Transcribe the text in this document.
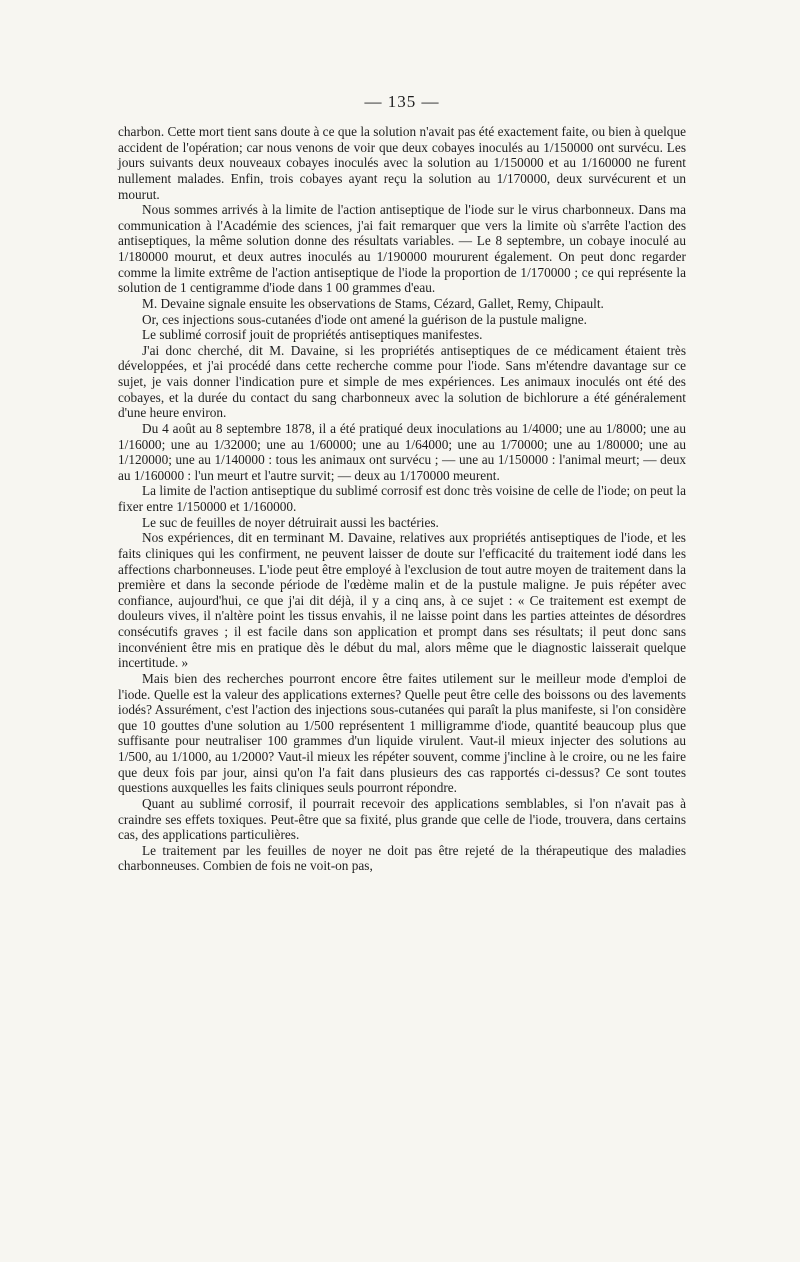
— 135 —

charbon. Cette mort tient sans doute à ce que la solution n'avait pas été exactement faite, ou bien à quelque accident de l'opération; car nous venons de voir que deux cobayes inoculés au 1/150000 ont survécu. Les jours suivants deux nouveaux cobayes inoculés avec la solution au 1/150000 et au 1/160000 ne furent nullement malades. Enfin, trois cobayes ayant reçu la solution au 1/170000, deux survécurent et un mourut.

Nous sommes arrivés à la limite de l'action antiseptique de l'iode sur le virus charbonneux. Dans ma communication à l'Académie des sciences, j'ai fait remarquer que vers la limite où s'arrête l'action des antiseptiques, la même solution donne des résultats variables. — Le 8 septembre, un cobaye inoculé au 1/180000 mourut, et deux autres inoculés au 1/190000 moururent également. On peut donc regarder comme la limite extrême de l'action antiseptique de l'iode la proportion de 1/170000 ; ce qui représente la solution de 1 centigramme d'iode dans 1 00 grammes d'eau.

M. Devaine signale ensuite les observations de Stams, Cézard, Gallet, Remy, Chipault.

Or, ces injections sous-cutanées d'iode ont amené la guérison de la pustule maligne.

Le sublimé corrosif jouit de propriétés antiseptiques manifestes.

J'ai donc cherché, dit M. Davaine, si les propriétés antiseptiques de ce médicament étaient très développées, et j'ai procédé dans cette recherche comme pour l'iode. Sans m'étendre davantage sur ce sujet, je vais donner l'indication pure et simple de mes expériences. Les animaux inoculés ont été des cobayes, et la durée du contact du sang charbonneux avec la solution de bichlorure a été généralement d'une heure environ.

Du 4 août au 8 septembre 1878, il a été pratiqué deux inoculations au 1/4000; une au 1/8000; une au 1/16000; une au 1/32000; une au 1/60000; une au 1/64000; une au 1/70000; une au 1/80000; une au 1/120000; une au 1/140000 : tous les animaux ont survécu ; — une au 1/150000 : l'animal meurt; — deux au 1/160000 : l'un meurt et l'autre survit; — deux au 1/170000 meurent.

La limite de l'action antiseptique du sublimé corrosif est donc très voisine de celle de l'iode; on peut la fixer entre 1/150000 et 1/160000.

Le suc de feuilles de noyer détruirait aussi les bactéries.

Nos expériences, dit en terminant M. Davaine, relatives aux propriétés antiseptiques de l'iode, et les faits cliniques qui les confirment, ne peuvent laisser de doute sur l'efficacité du traitement iodé dans les affections charbonneuses. L'iode peut être employé à l'exclusion de tout autre moyen de traitement dans la première et dans la seconde période de l'œdème malin et de la pustule maligne. Je puis répéter avec confiance, aujourd'hui, ce que j'ai dit déjà, il y a cinq ans, à ce sujet : « Ce traitement est exempt de douleurs vives, il n'altère point les tissus envahis, il ne laisse point dans les parties atteintes de désordres consécutifs graves ; il est facile dans son application et prompt dans ses résultats; il peut donc sans inconvénient être mis en pratique dès le début du mal, alors même que le diagnostic laisserait quelque incertitude. »

Mais bien des recherches pourront encore être faites utilement sur le meilleur mode d'emploi de l'iode. Quelle est la valeur des applications externes? Quelle peut être celle des boissons ou des lavements iodés? Assurément, c'est l'action des injections sous-cutanées qui paraît la plus manifeste, si l'on considère que 10 gouttes d'une solution au 1/500 représentent 1 milligramme d'iode, quantité beaucoup plus que suffisante pour neutraliser 100 grammes d'un liquide virulent. Vaut-il mieux injecter des solutions au 1/500, au 1/1000, au 1/2000? Vaut-il mieux les répéter souvent, comme j'incline à le croire, ou ne les faire que deux fois par jour, ainsi qu'on l'a fait dans plusieurs des cas rapportés ci-dessus? Ce sont toutes questions auxquelles les faits cliniques seuls pourront répondre.

Quant au sublimé corrosif, il pourrait recevoir des applications semblables, si l'on n'avait pas à craindre ses effets toxiques. Peut-être que sa fixité, plus grande que celle de l'iode, trouvera, dans certains cas, des applications particulières.

Le traitement par les feuilles de noyer ne doit pas être rejeté de la thérapeutique des maladies charbonneuses. Combien de fois ne voit-on pas,
